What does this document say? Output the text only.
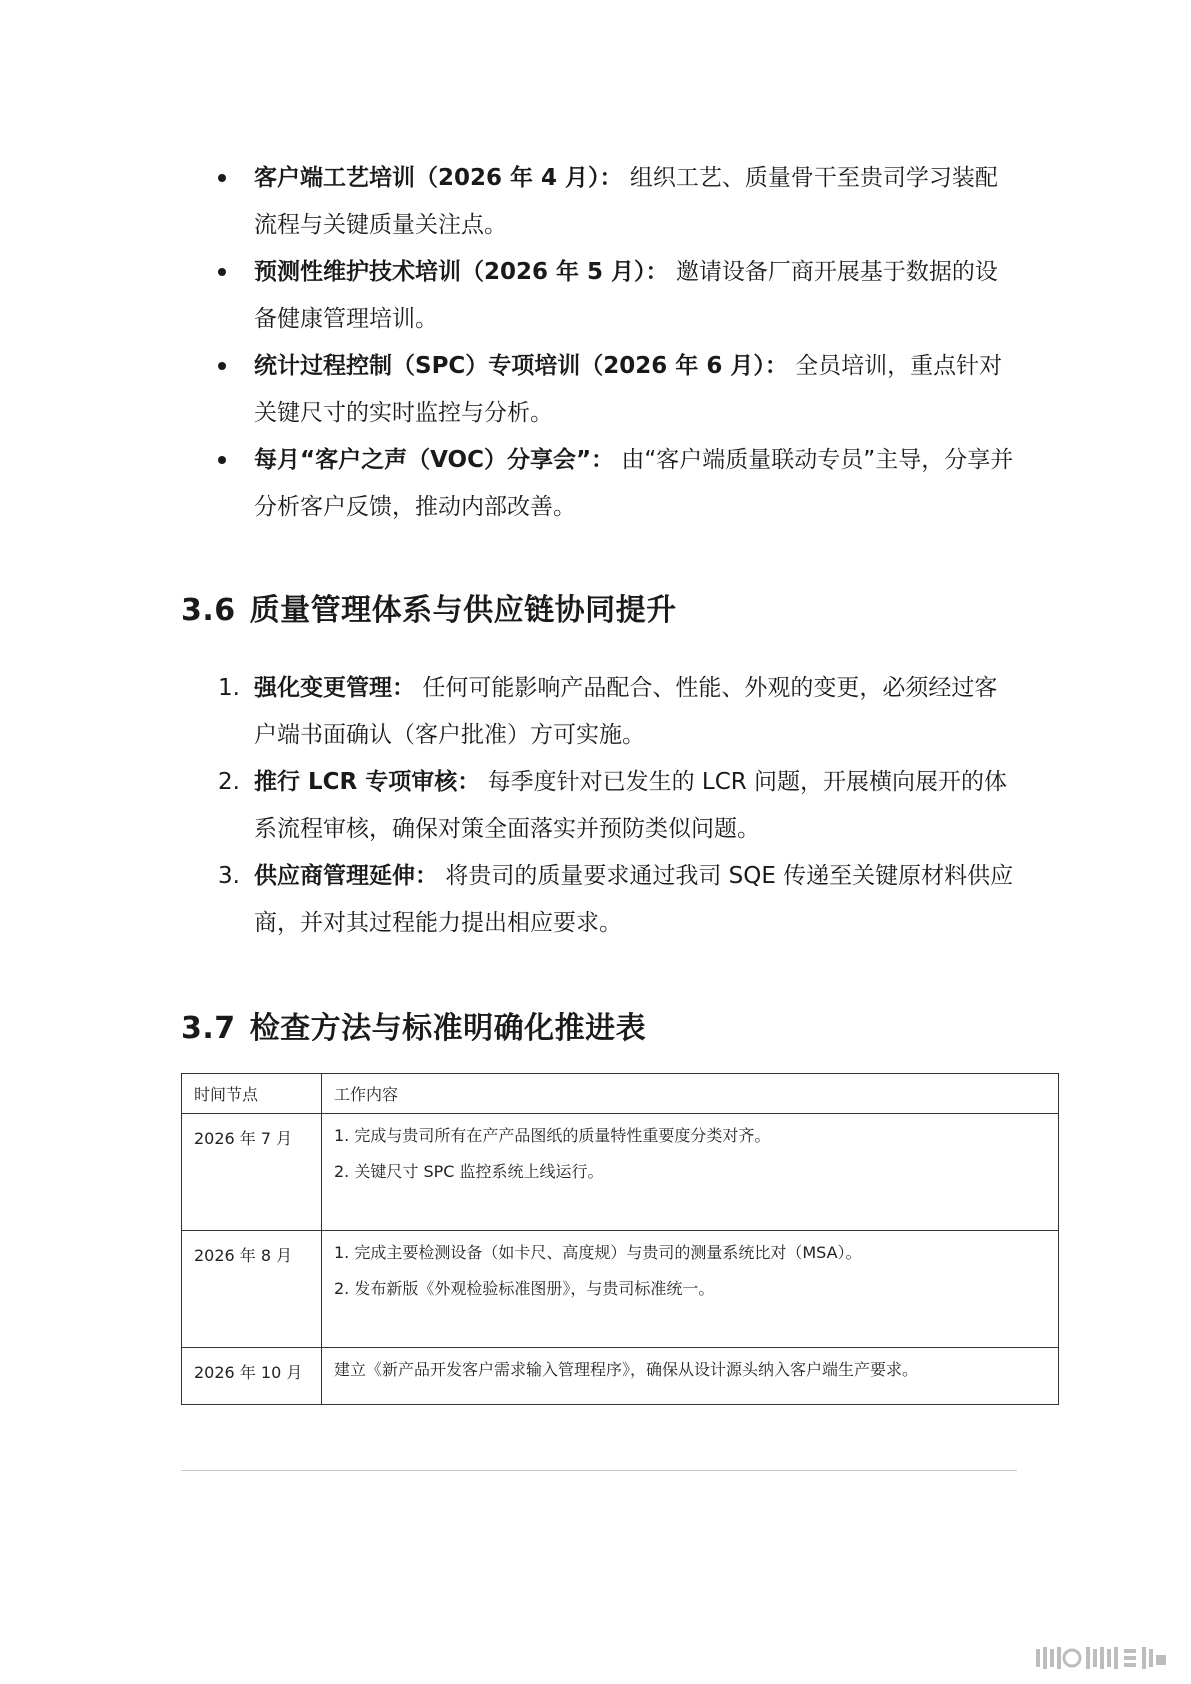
客户端工艺培训（2026 年 4 月）： 组织工艺、质量骨干至贵司学习装配流程与关键质量关注点。
预测性维护技术培训（2026 年 5 月）： 邀请设备厂商开展基于数据的设备健康管理培训。
统计过程控制（SPC）专项培训（2026 年 6 月）： 全员培训，重点针对关键尺寸的实时监控与分析。
每月“客户之声（VOC）分享会”： 由“客户端质量联动专员”主导，分享并分析客户反馈，推动内部改善。
3.6 质量管理体系与供应链协同提升
1. 强化变更管理： 任何可能影响产品配合、性能、外观的变更，必须经过客户端书面确认（客户批准）方可实施。
2. 推行 LCR 专项审核： 每季度针对已发生的 LCR 问题，开展横向展开的体系流程审核，确保对策全面落实并预防类似问题。
3. 供应商管理延伸： 将贵司的质量要求通过我司 SQE 传递至关键原材料供应商，并对其过程能力提出相应要求。
3.7 检查方法与标准明确化推进表
时间节点	工作内容
2026 年 7 月	1. 完成与贵司所有在产产品图纸的质量特性重要度分类对齐。
2. 关键尺寸 SPC 监控系统上线运行。

2026 年 8 月	1. 完成主要检测设备（如卡尺、高度规）与贵司的测量系统比对（MSA）。
2. 发布新版《外观检验标准图册》，与贵司标准统一。

2026 年 10 月	建立《新产品开发客户需求输入管理程序》，确保从设计源头纳入客户端生产要求。
